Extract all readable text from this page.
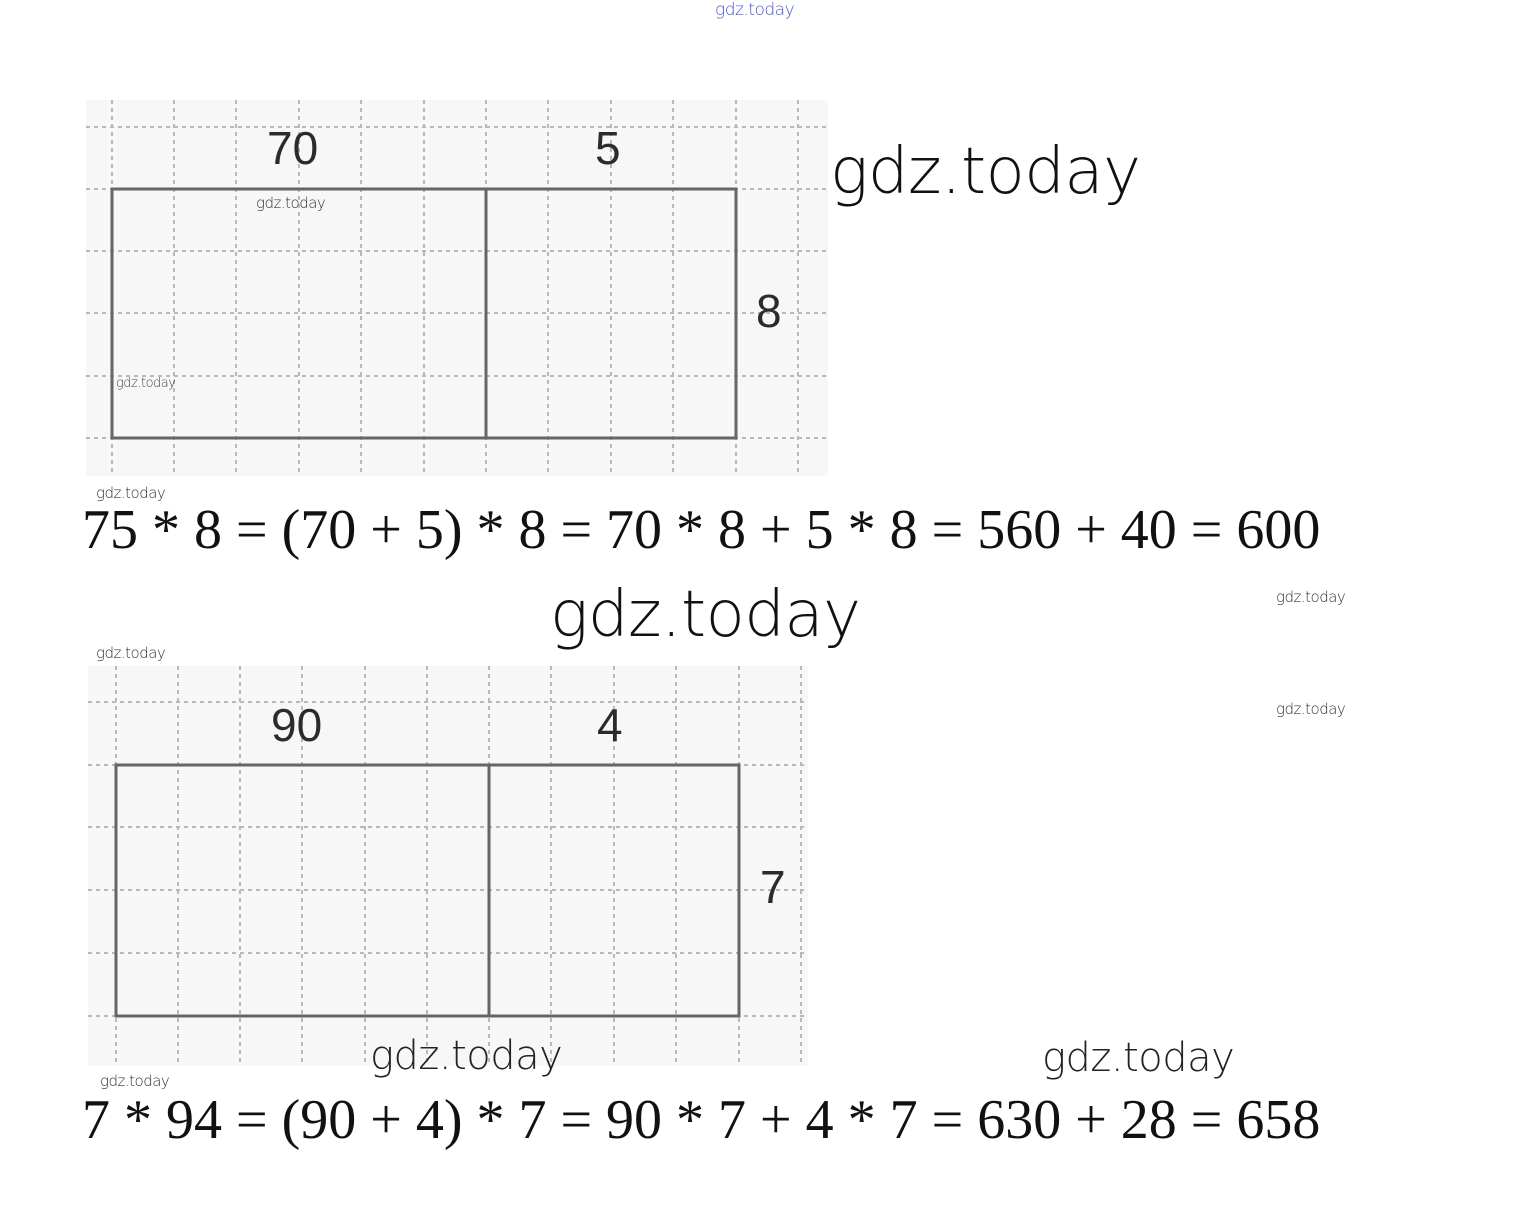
gdz.today
70	5
8
gdz.today
gdz.today
gdz.today
gdz.today
75 * 8 = (70 + 5) * 8 = 70 * 8 + 5 * 8 = 560 + 40 = 600
gdz.today
gdz.today
gdz.today
gdz.today
90	4
7
gdz.today	gdz.today
gdz.today
7 * 94 = (90 + 4) * 7 = 90 * 7 + 4 * 7 = 630 + 28 = 658
